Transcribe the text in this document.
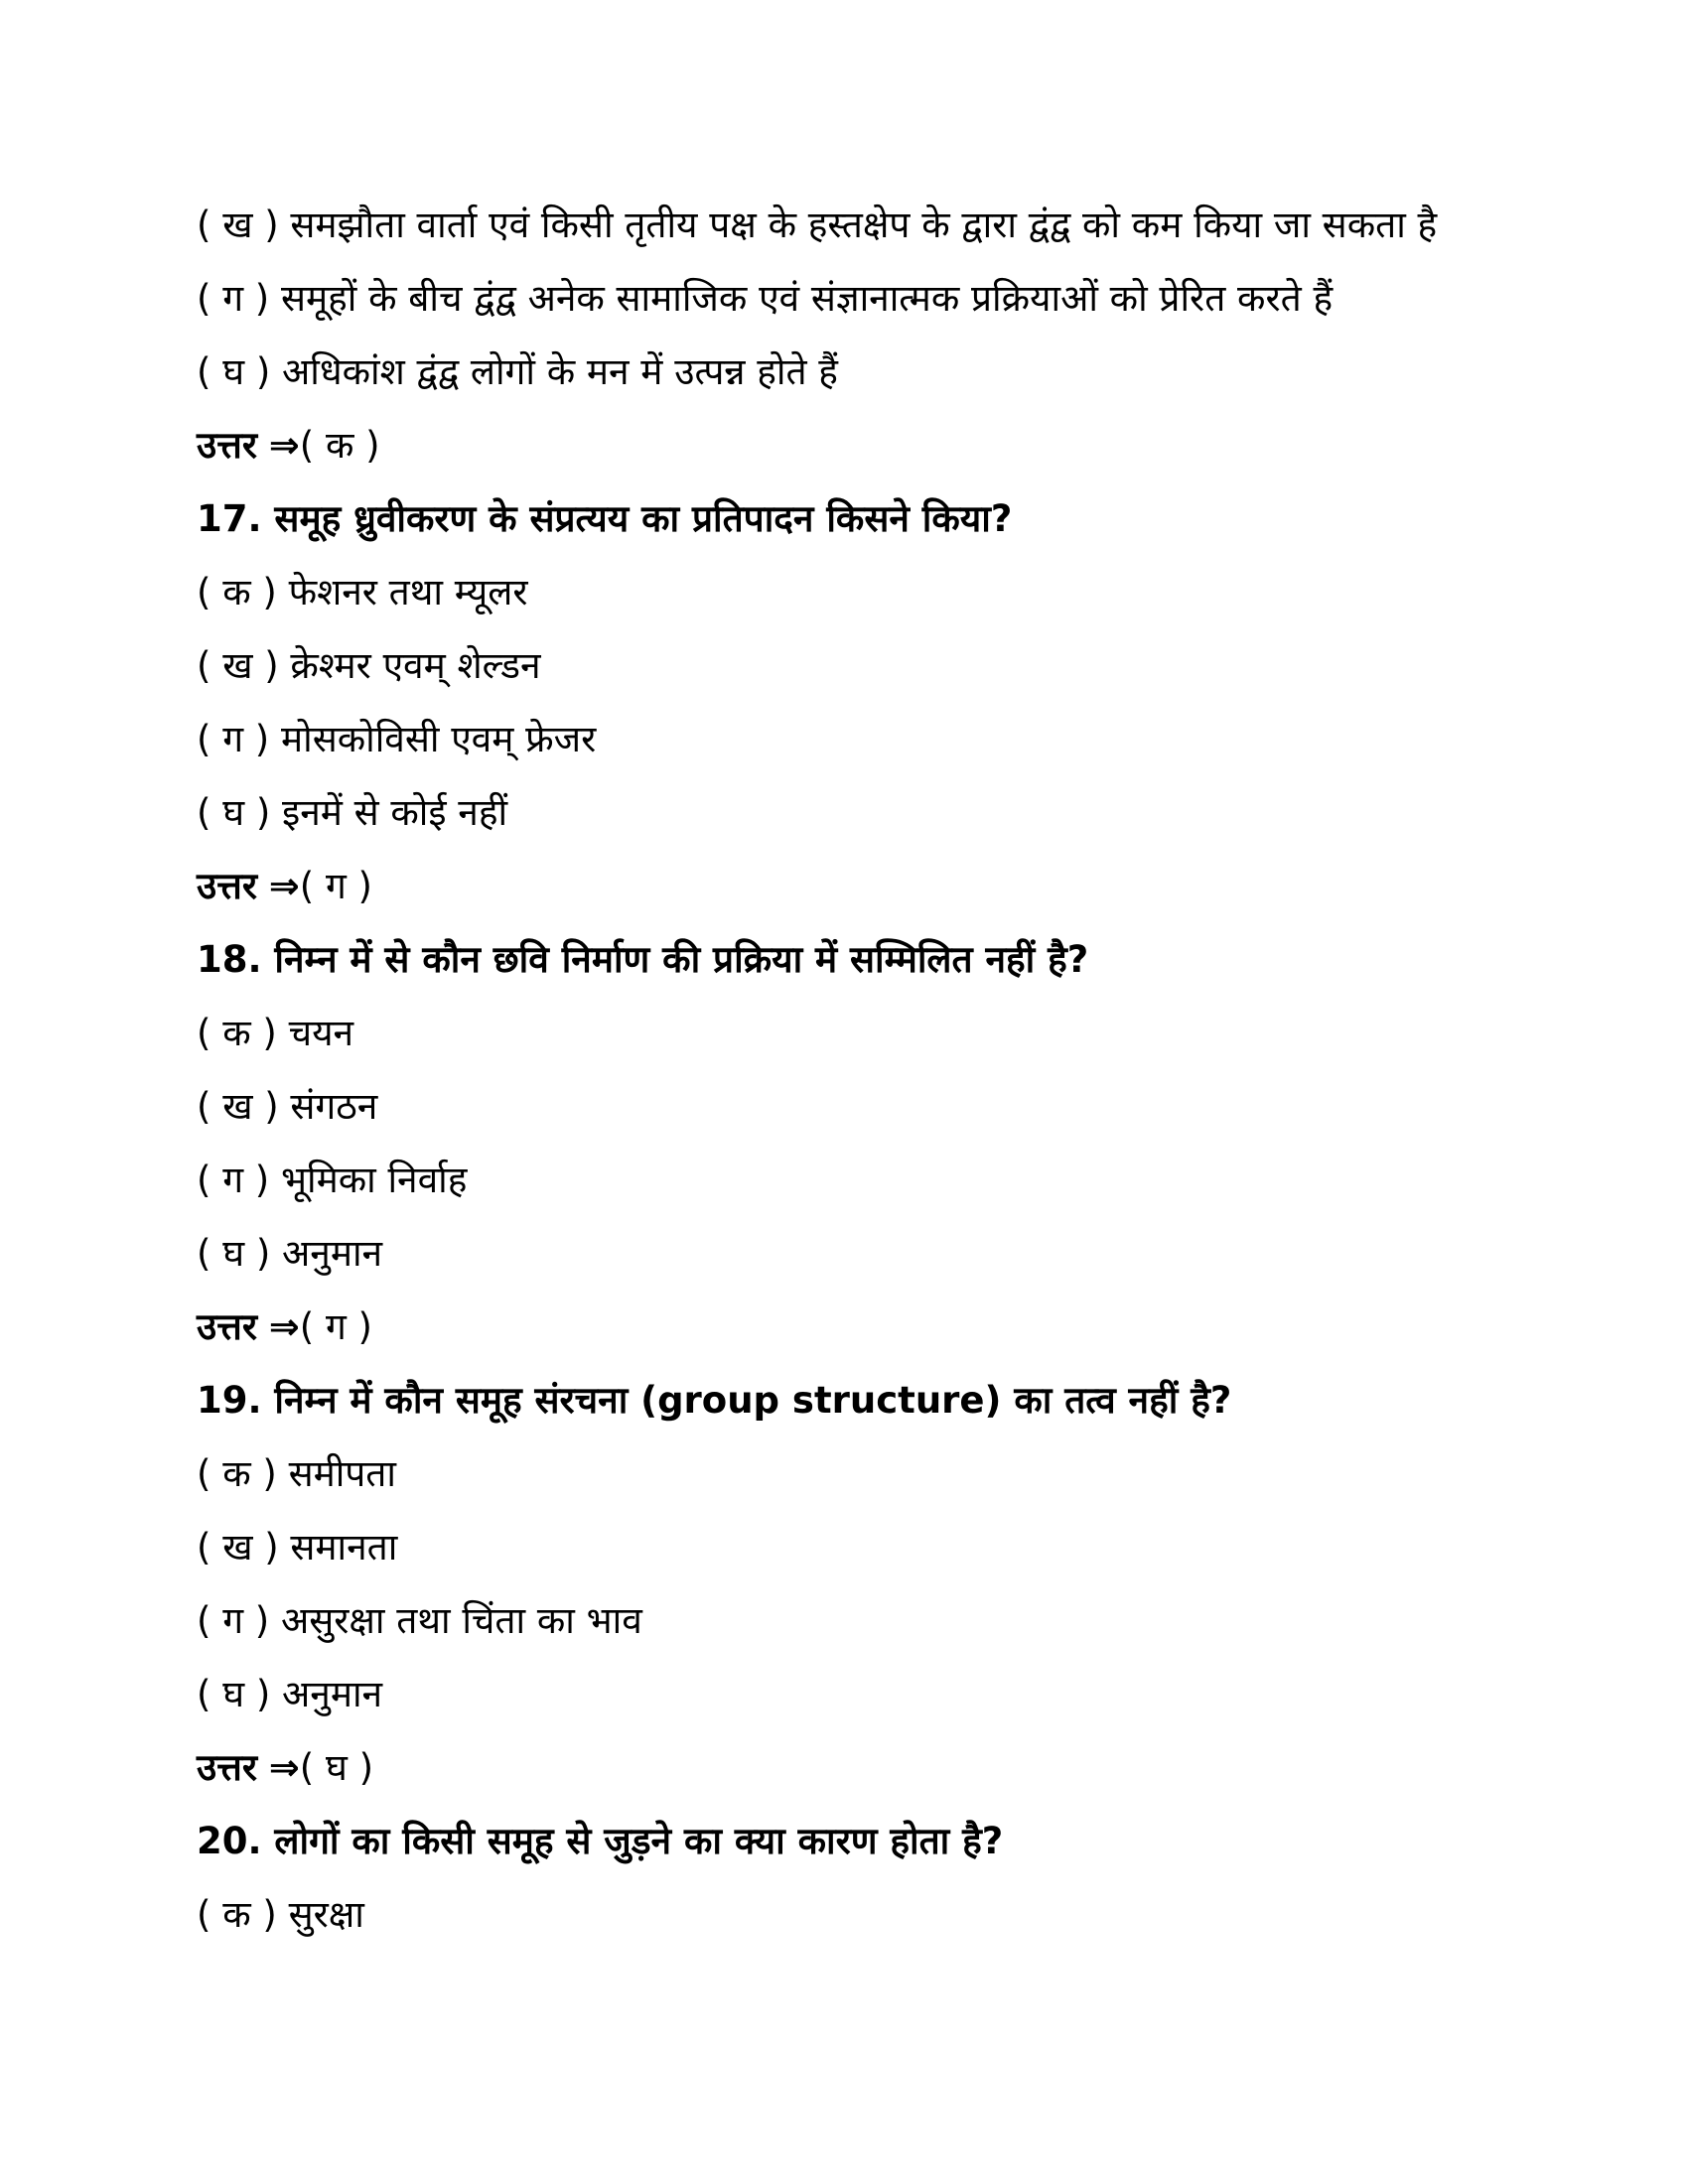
( ख ) समझौता वार्ता एवं किसी तृतीय पक्ष के हस्तक्षेप के द्वारा द्वंद्व को कम किया जा सकता है
( ग ) समूहों के बीच द्वंद्व अनेक सामाजिक एवं संज्ञानात्मक प्रक्रियाओं को प्रेरित करते हैं
( घ ) अधिकांश द्वंद्व लोगों के मन में उत्पन्न होते हैं
उत्तर ⇒( क )
17. समूह ध्रुवीकरण के संप्रत्यय का प्रतिपादन किसने किया?
( क ) फेशनर तथा म्यूलर
( ख ) क्रेश्मर एवम् शेल्डन
( ग ) मोसकोविसी एवम् फ्रेजर
( घ ) इनमें से कोई नहीं
उत्तर ⇒( ग )
18. निम्न में से कौन छवि निर्माण की प्रक्रिया में सम्मिलित नहीं है?
( क ) चयन
( ख ) संगठन
( ग ) भूमिका निर्वाह
( घ ) अनुमान
उत्तर ⇒( ग )
19. निम्न में कौन समूह संरचना (group structure) का तत्व नहीं है?
( क ) समीपता
( ख ) समानता
( ग ) असुरक्षा तथा चिंता का भाव
( घ ) अनुमान
उत्तर ⇒( घ )
20. लोगों का किसी समूह से जुड़ने का क्या कारण होता है?
( क ) सुरक्षा
